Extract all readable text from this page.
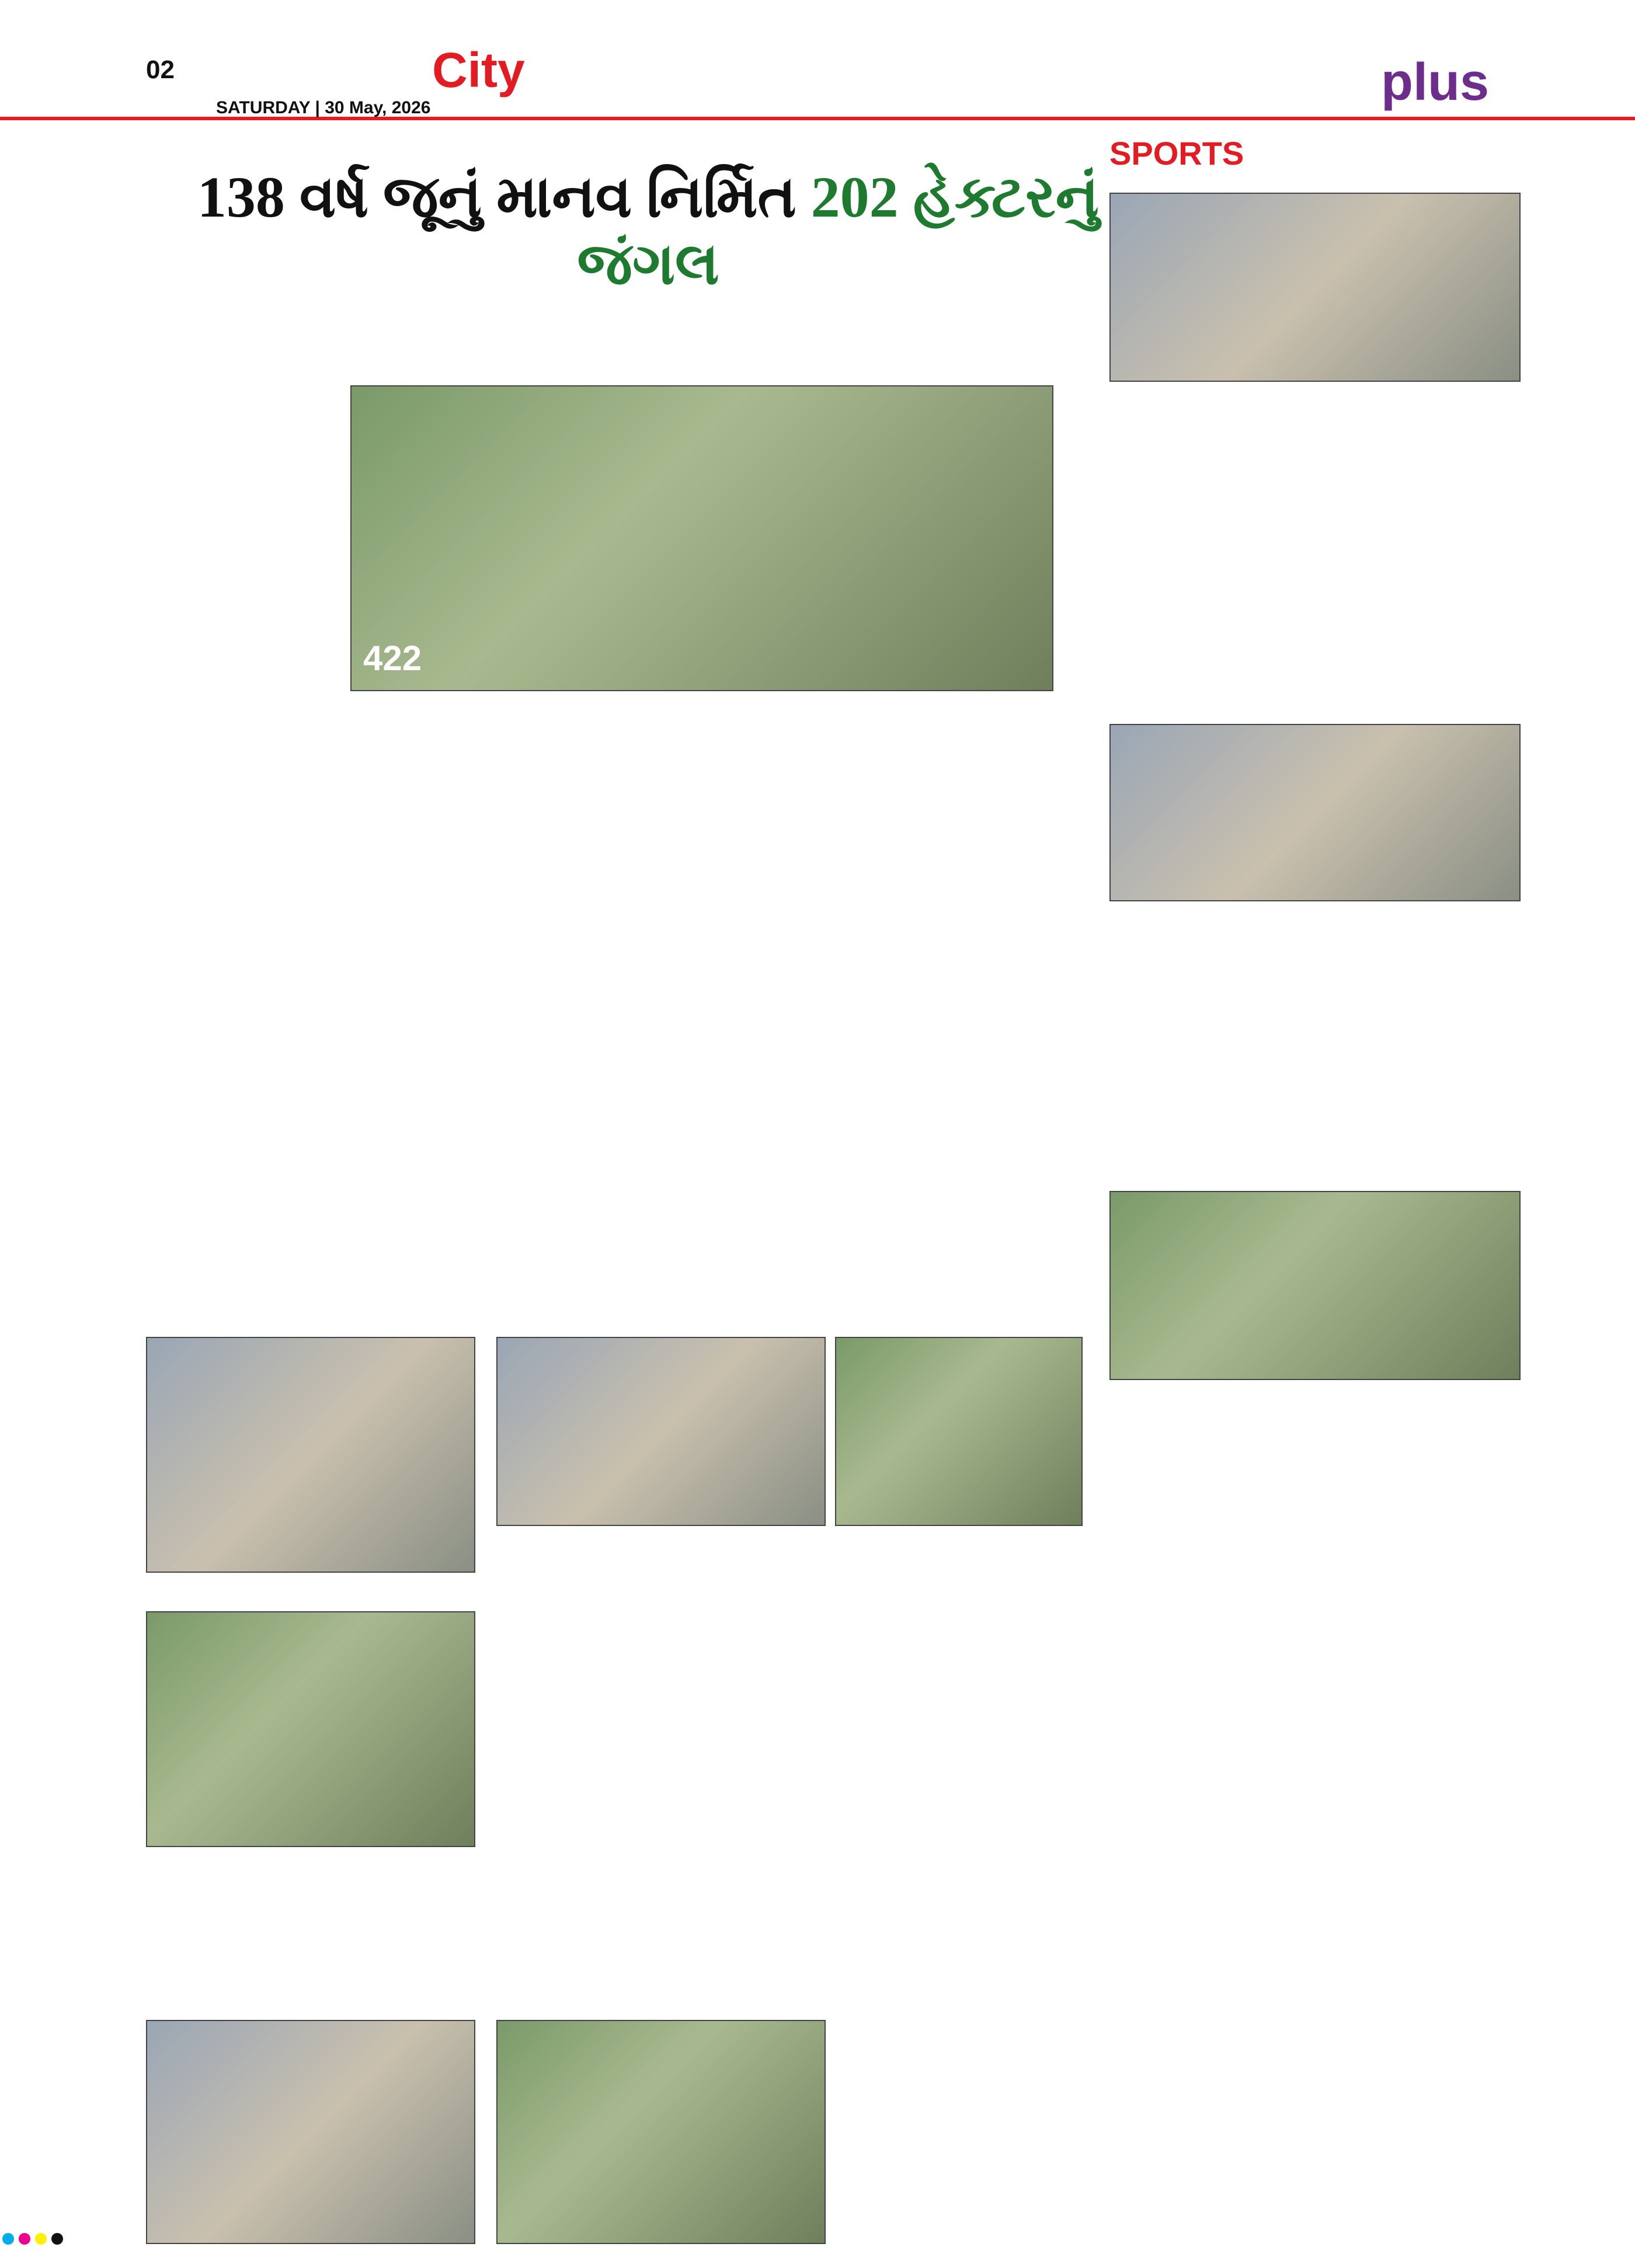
02	City
SATURDAY | 30 May, 2026	plus
138 વર્ષ જૂનું માનવ નિર્મિત 202 હેક્ટરનું જંગલ
422
SPORTS
